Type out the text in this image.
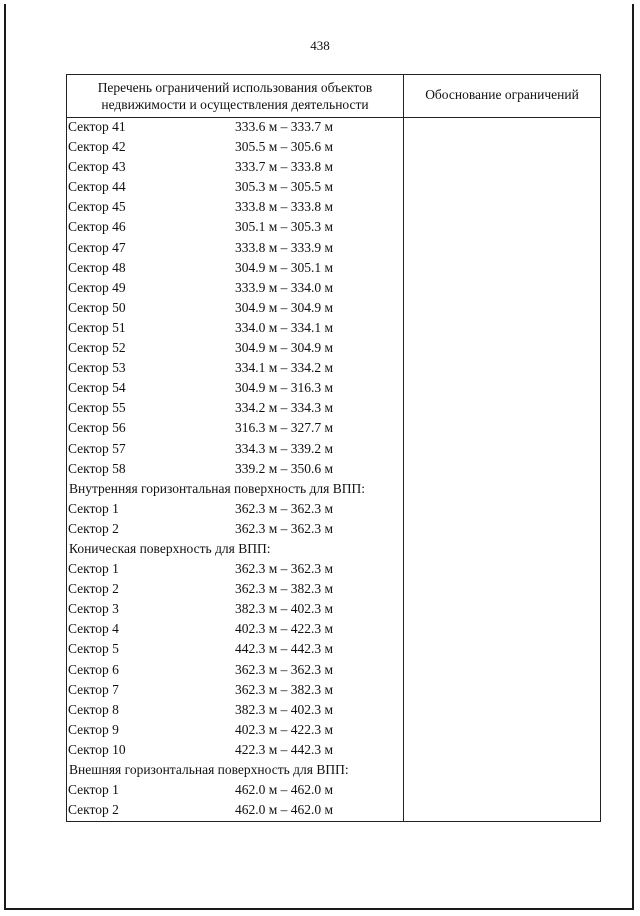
438
Перечень ограничений использования объектов недвижимости и осуществления деятельности
Обоснование ограничений
Сектор 41	333.6 м – 333.7 м
Сектор 42	305.5 м – 305.6 м
Сектор 43	333.7 м – 333.8 м
Сектор 44	305.3 м – 305.5 м
Сектор 45	333.8 м – 333.8 м
Сектор 46	305.1 м – 305.3 м
Сектор 47	333.8 м – 333.9 м
Сектор 48	304.9 м – 305.1 м
Сектор 49	333.9 м – 334.0 м
Сектор 50	304.9 м – 304.9 м
Сектор 51	334.0 м – 334.1 м
Сектор 52	304.9 м – 304.9 м
Сектор 53	334.1 м – 334.2 м
Сектор 54	304.9 м – 316.3 м
Сектор 55	334.2 м – 334.3 м
Сектор 56	316.3 м – 327.7 м
Сектор 57	334.3 м – 339.2 м
Сектор 58	339.2 м – 350.6 м
Внутренняя горизонтальная поверхность для ВПП:
Сектор 1	362.3 м – 362.3 м
Сектор 2	362.3 м – 362.3 м
Коническая поверхность для ВПП:
Сектор 1	362.3 м – 362.3 м
Сектор 2	362.3 м – 382.3 м
Сектор 3	382.3 м – 402.3 м
Сектор 4	402.3 м – 422.3 м
Сектор 5	442.3 м – 442.3 м
Сектор 6	362.3 м – 362.3 м
Сектор 7	362.3 м – 382.3 м
Сектор 8	382.3 м – 402.3 м
Сектор 9	402.3 м – 422.3 м
Сектор 10	422.3 м – 442.3 м
Внешняя горизонтальная поверхность для ВПП:
Сектор 1	462.0 м – 462.0 м
Сектор 2	462.0 м – 462.0 м
